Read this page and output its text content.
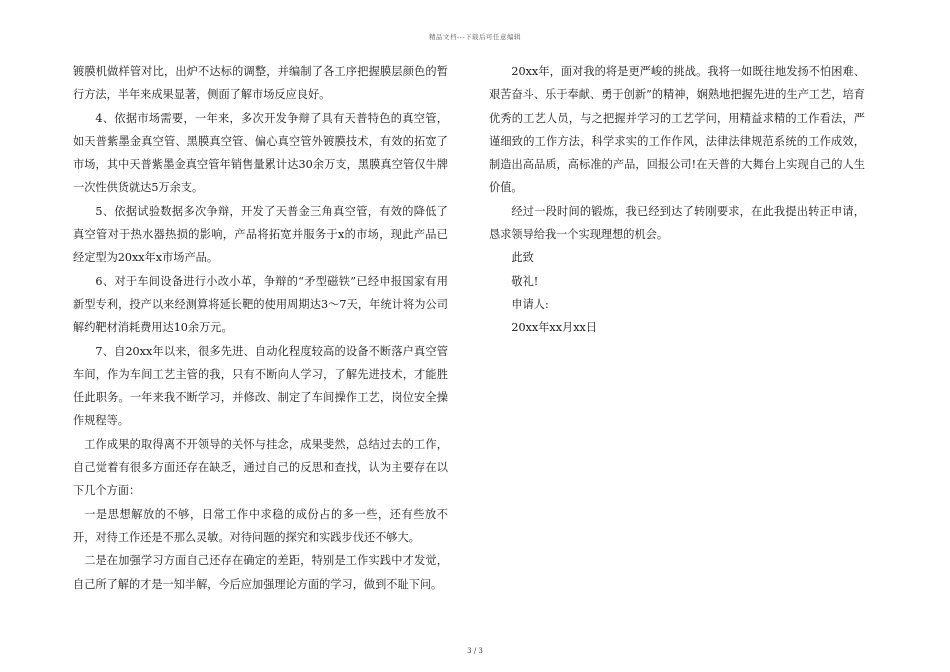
精品文档---下载后可任意编辑

镀膜机做样管对比，出炉不达标的调整，并编制了各工序把握膜层颜色的暂行方法，半年来成果显著，侧面了解市场反应良好。

4、依据市场需要，一年来，多次开发争辩了具有天普特色的真空管，如天普紫墨金真空管、黑膜真空管、偏心真空管外镀膜技术，有效的拓宽了市场，其中天普紫墨金真空管年销售量累计达30余万支，黑膜真空管仅牛牌一次性供货就达5万余支。

5、依据试验数据多次争辩，开发了天普金三角真空管，有效的降低了真空管对于热水器热损的影响，产品将拓宽并服务于x的市场，现此产品已经定型为20xx年x市场产品。

6、对于车间设备进行小改小革，争辩的“矛型磁铁”已经申报国家有用新型专利，投产以来经测算将延长靶的使用周期达3～7天，年统计将为公司解约靶材消耗费用达10余万元。

7、自20xx年以来，很多先进、自动化程度较高的设备不断落户真空管车间，作为车间工艺主管的我，只有不断向人学习，了解先进技术，才能胜任此职务。一年来我不断学习，并修改、制定了车间操作工艺，岗位安全操作规程等。

工作成果的取得离不开领导的关怀与挂念，成果斐然，总结过去的工作，自己觉着有很多方面还存在缺乏，通过自己的反思和查找，认为主要存在以下几个方面：

一是思想解放的不够，日常工作中求稳的成份占的多一些，还有些放不开，对待工作还是不那么灵敏。对待问题的探究和实践步伐还不够大。

二是在加强学习方面自己还存在确定的差距，特别是工作实践中才发觉，自己所了解的才是一知半解，今后应加强理论方面的学习，做到不耻下问。

20xx年，面对我的将是更严峻的挑战。我将一如既往地发扬不怕困难、艰苦奋斗、乐于奉献、勇于创新”的精神，娴熟地把握先进的生产工艺，培育优秀的工艺人员，与之把握并学习的工艺学问，用精益求精的工作看法，严谨细致的工作方法，科学求实的工作作风，法律法律规范系统的工作成效，制造出高品质，高标准的产品，回报公司!在天普的大舞台上实现自己的人生价值。

经过一段时间的锻炼，我已经到达了转刚要求，在此我提出转正申请，恳求领导给我一个实现理想的机会。

此致

敬礼!

申请人:

20xx年xx月xx日

3 / 3
